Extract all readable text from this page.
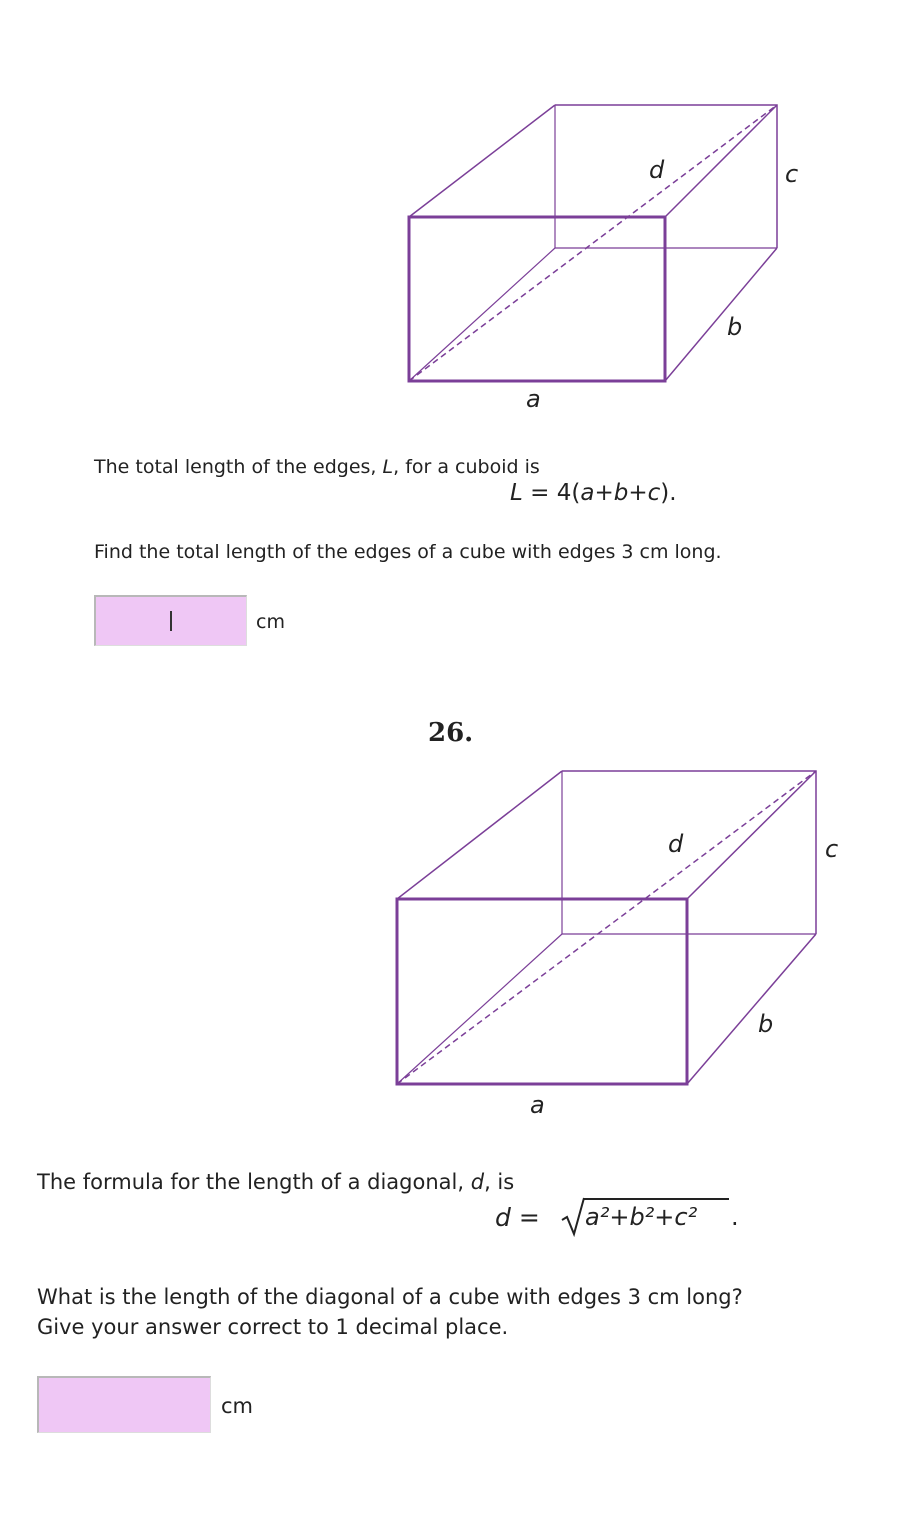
a
b
c
d
The total length of the edges, L, for a cuboid is
L = 4(a+b+c).
Find the total length of the edges of a cube with edges 3 cm long.
cm
26.
a
b
c
d
The formula for the length of a diagonal, d, is
d = a²+b²+c² .
What is the length of the diagonal of a cube with edges 3 cm long?
Give your answer correct to 1 decimal place.
cm
